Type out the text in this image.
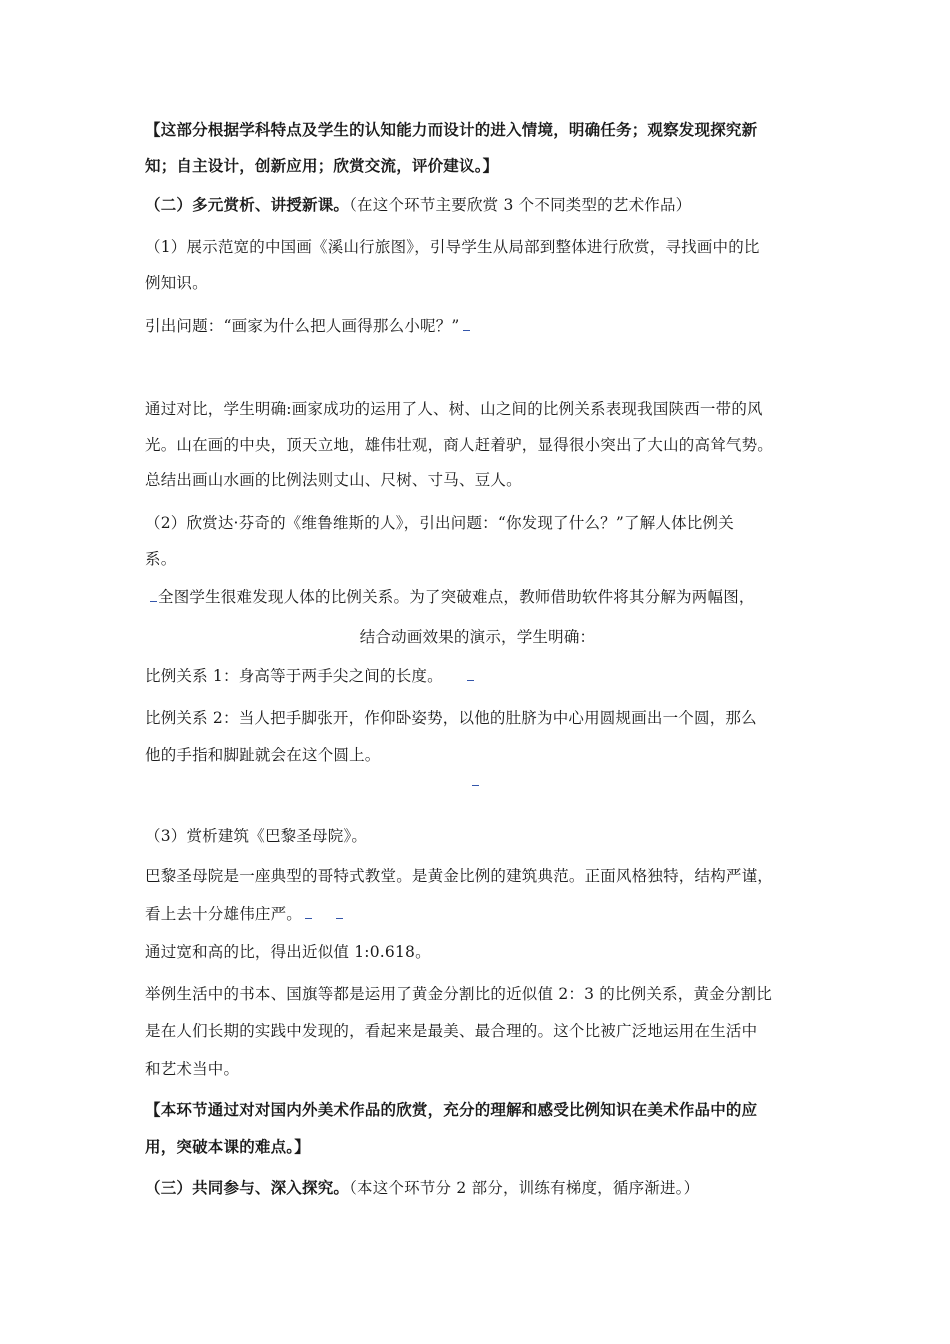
【这部分根据学科特点及学生的认知能力而设计的进入情境，明确任务；观察发现探究新
知；自主设计，创新应用；欣赏交流，评价建议。】
（二）多元赏析、讲授新课。（在这个环节主要欣赏 3 个不同类型的艺术作品）
（1）展示范宽的中国画《溪山行旅图》，引导学生从局部到整体进行欣赏，寻找画中的比
例知识。
引出问题：“画家为什么把人画得那么小呢？”
通过对比，学生明确:画家成功的运用了人、树、山之间的比例关系表现我国陕西一带的风
光。山在画的中央，顶天立地，雄伟壮观，商人赶着驴，显得很小突出了大山的高耸气势。
总结出画山水画的比例法则丈山、尺树、寸马、豆人。
（2）欣赏达·芬奇的《维鲁维斯的人》，引出问题：“你发现了什么？”了解人体比例关
系。
全图学生很难发现人体的比例关系。为了突破难点，教师借助软件将其分解为两幅图，
结合动画效果的演示，学生明确：
比例关系 1：身高等于两手尖之间的长度。
比例关系 2：当人把手脚张开，作仰卧姿势，以他的肚脐为中心用圆规画出一个圆，那么
他的手指和脚趾就会在这个圆上。
（3）赏析建筑《巴黎圣母院》。
巴黎圣母院是一座典型的哥特式教堂。是黄金比例的建筑典范。正面风格独特，结构严谨，
看上去十分雄伟庄严。
通过宽和高的比，得出近似值 1:0.618。
举例生活中的书本、国旗等都是运用了黄金分割比的近似值 2：3 的比例关系，黄金分割比
是在人们长期的实践中发现的，看起来是最美、最合理的。这个比被广泛地运用在生活中
和艺术当中。
【本环节通过对对国内外美术作品的欣赏，充分的理解和感受比例知识在美术作品中的应
用，突破本课的难点。】
（三）共同参与、深入探究。（本这个环节分 2 部分，训练有梯度，循序渐进。）
